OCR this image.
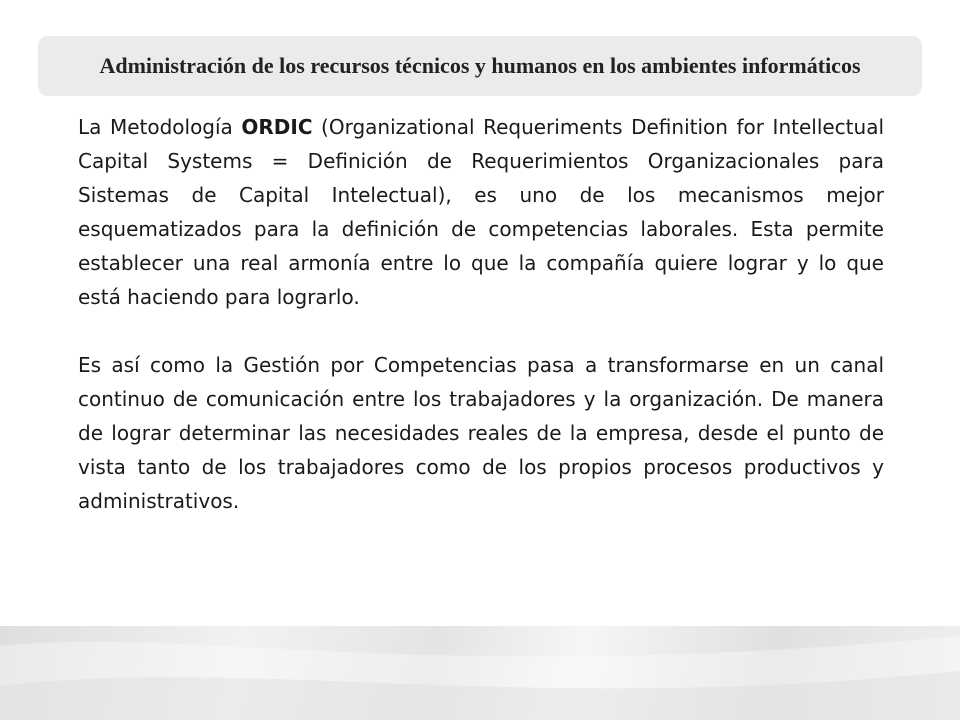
Administración de los recursos técnicos y humanos en los ambientes informáticos

La Metodología ORDIC (Organizational Requeriments Definition for Intellectual Capital Systems = Definición de Requerimientos Organizacionales para Sistemas de Capital Intelectual), es uno de los mecanismos mejor esquematizados para la definición de competencias laborales. Esta permite establecer una real armonía entre lo que la compañía quiere lograr y lo que está haciendo para lograrlo.

Es así como la Gestión por Competencias pasa a transformarse en un canal continuo de comunicación entre los trabajadores y la organización. De manera de lograr determinar las necesidades reales de la empresa, desde el punto de vista tanto de los trabajadores como de los propios procesos productivos y administrativos.
